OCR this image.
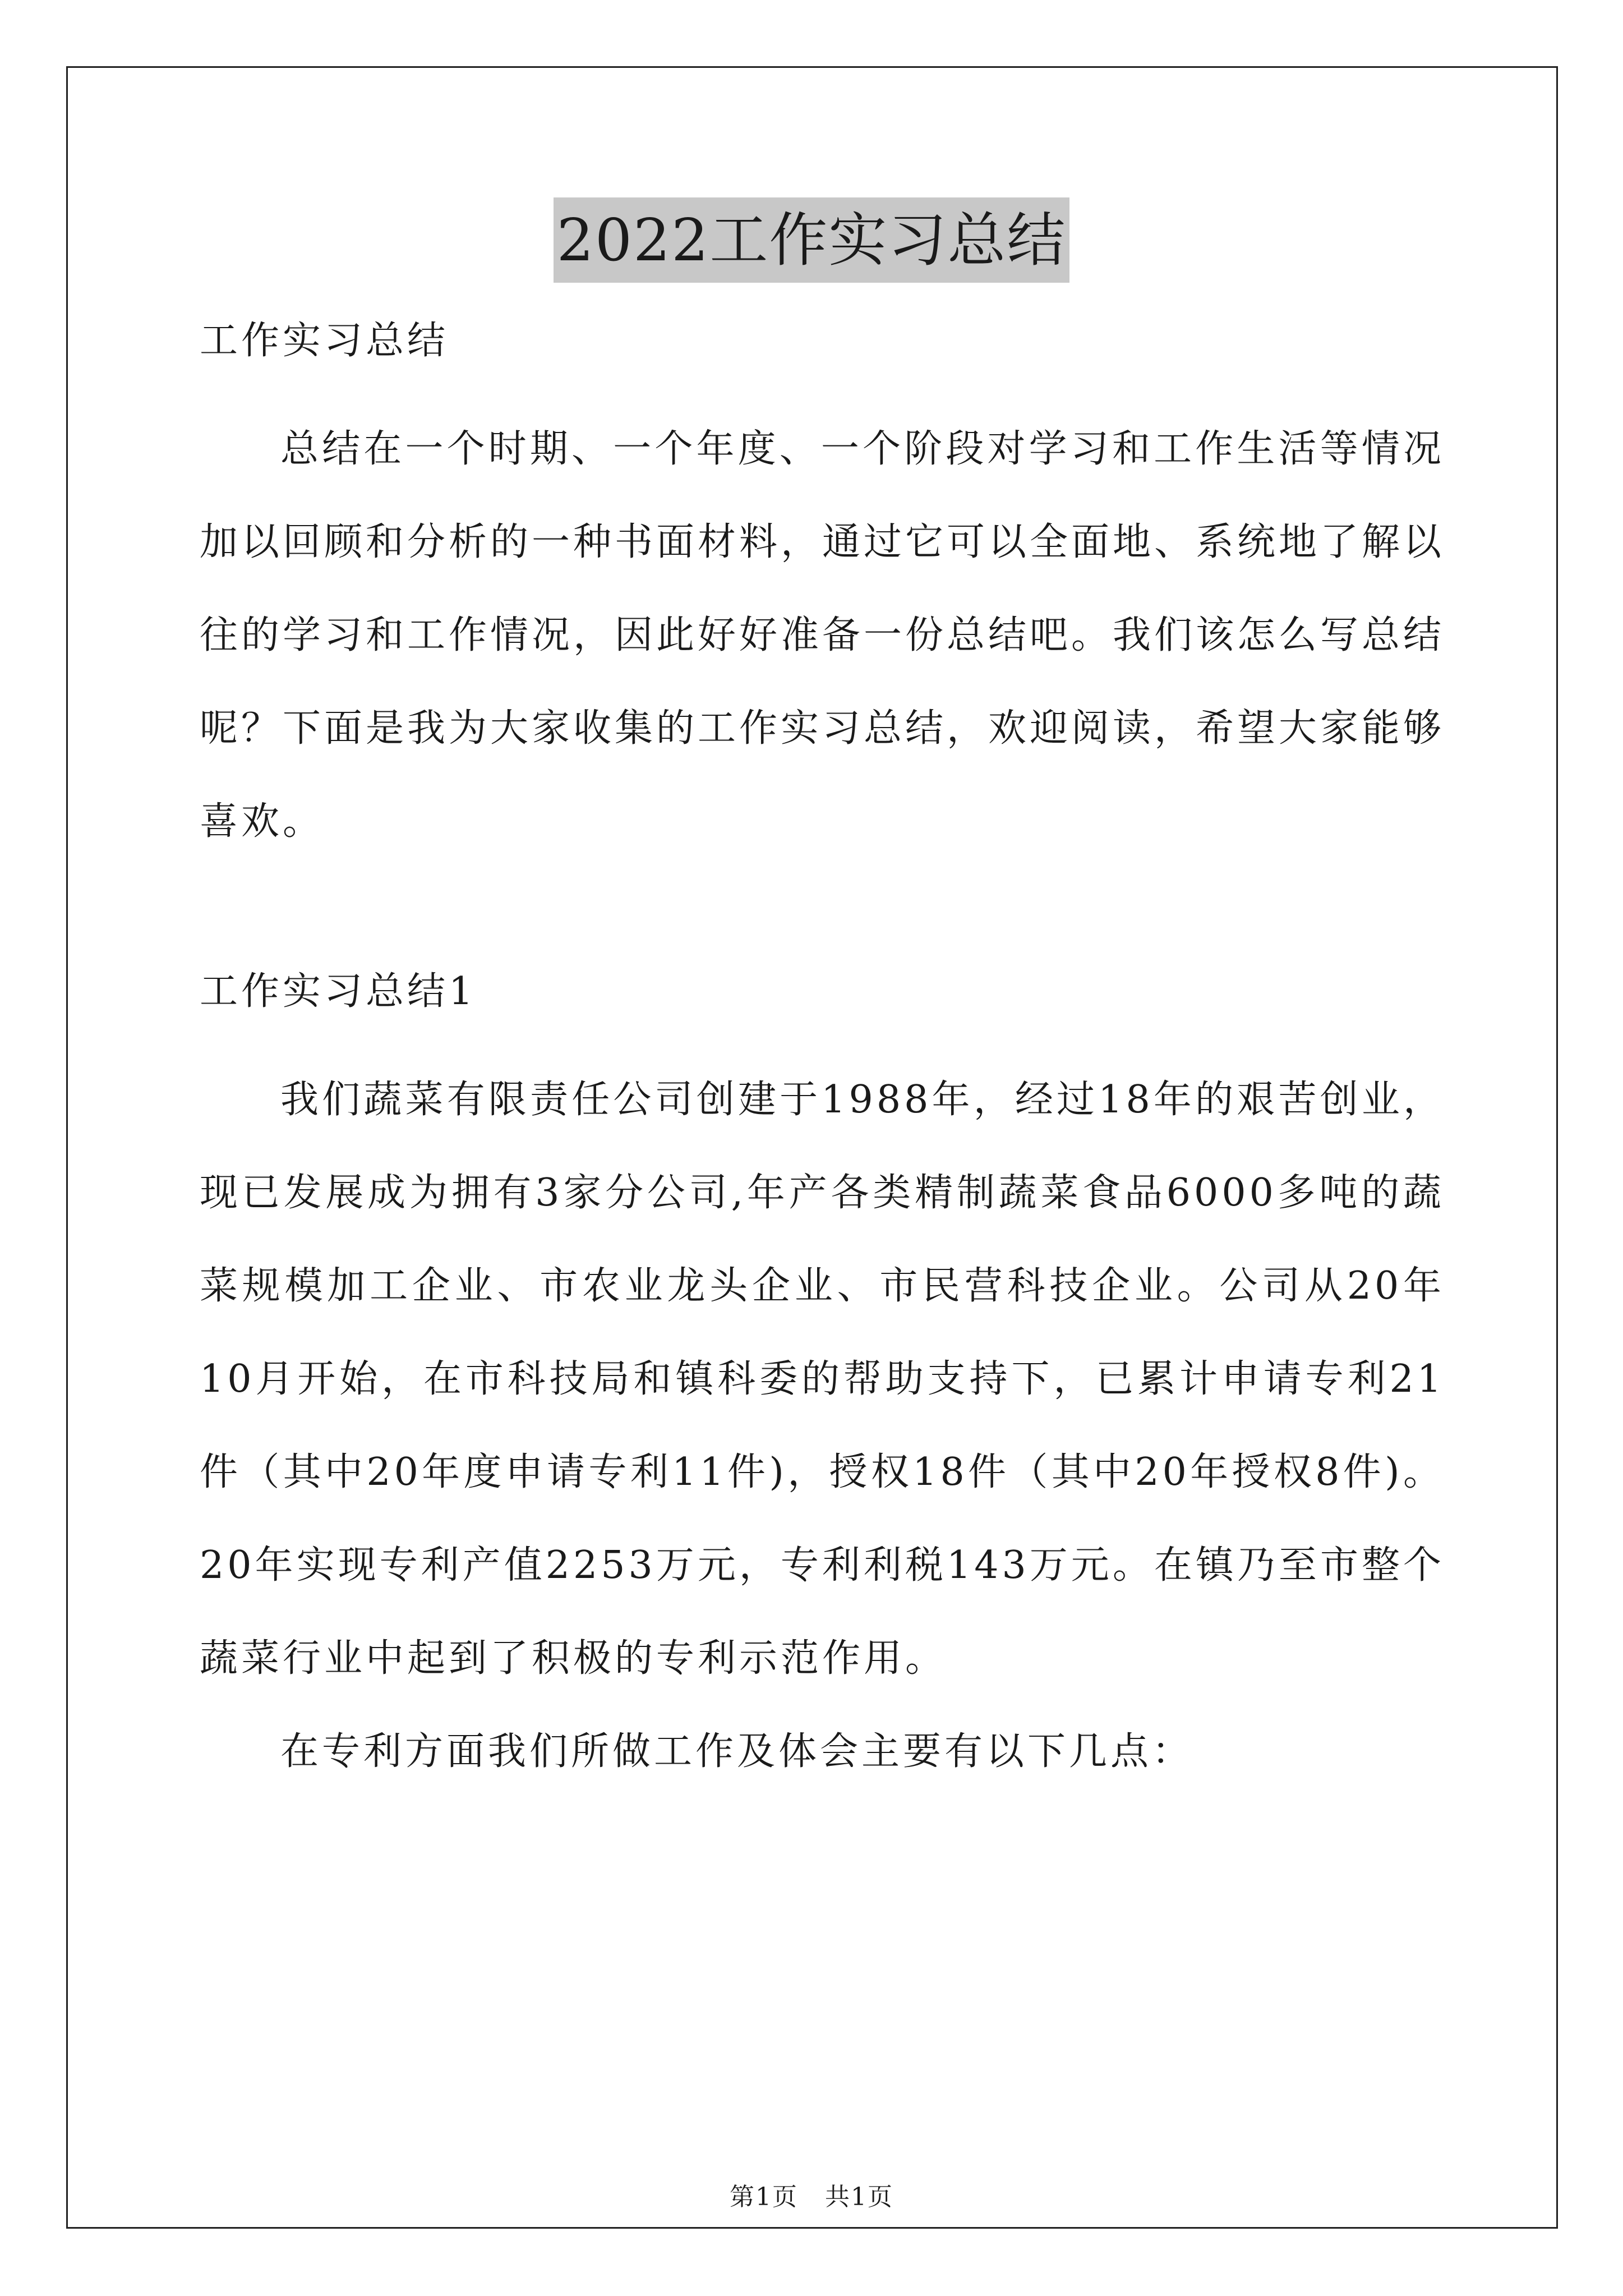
2022工作实习总结

工作实习总结

总结在一个时期、一个年度、一个阶段对学习和工作生活等情况加以回顾和分析的一种书面材料，通过它可以全面地、系统地了解以往的学习和工作情况，因此好好准备一份总结吧。我们该怎么写总结呢？下面是我为大家收集的工作实习总结，欢迎阅读，希望大家能够喜欢。

工作实习总结1

我们蔬菜有限责任公司创建于1988年，经过18年的艰苦创业，现已发展成为拥有3家分公司,年产各类精制蔬菜食品6000多吨的蔬菜规模加工企业、市农业龙头企业、市民营科技企业。公司从20年10月开始，在市科技局和镇科委的帮助支持下，已累计申请专利21件（其中20年度申请专利11件)，授权18件（其中20年授权8件)。20年实现专利产值2253万元，专利利税143万元。在镇乃至市整个蔬菜行业中起到了积极的专利示范作用。

在专利方面我们所做工作及体会主要有以下几点：

第1页   共1页
